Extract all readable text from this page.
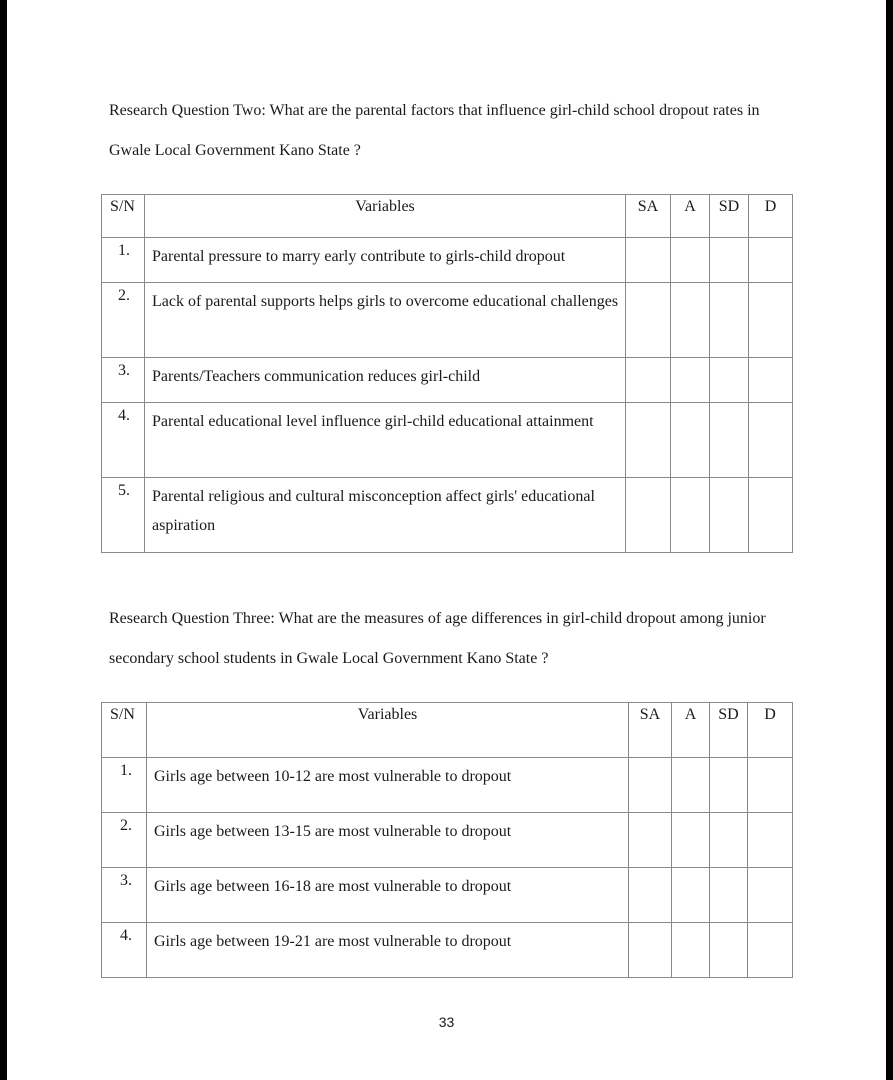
Research Question Two: What are the parental factors that influence girl-child school dropout rates in Gwale Local Government Kano State ?

S/N	Variables	SA	A	SD	D

1.	Parental pressure to marry early contribute to girls-child dropout				
2.	Lack of parental supports helps girls to overcome educational challenges				
3.	Parents/Teachers communication reduces girl-child				
4.	Parental educational level influence girl-child educational attainment				
5.	Parental religious and cultural misconception affect girls' educational aspiration				

Research Question Three: What are the measures of age differences in girl-child dropout among junior secondary school students in Gwale Local Government Kano State ?

S/N	Variables	SA	A	SD	D

1.	Girls age between 10-12 are most vulnerable to dropout				
2.	Girls age between 13-15 are most vulnerable to dropout				
3.	Girls age between 16-18 are most vulnerable to dropout				
4.	Girls age between 19-21 are most vulnerable to dropout				
33
